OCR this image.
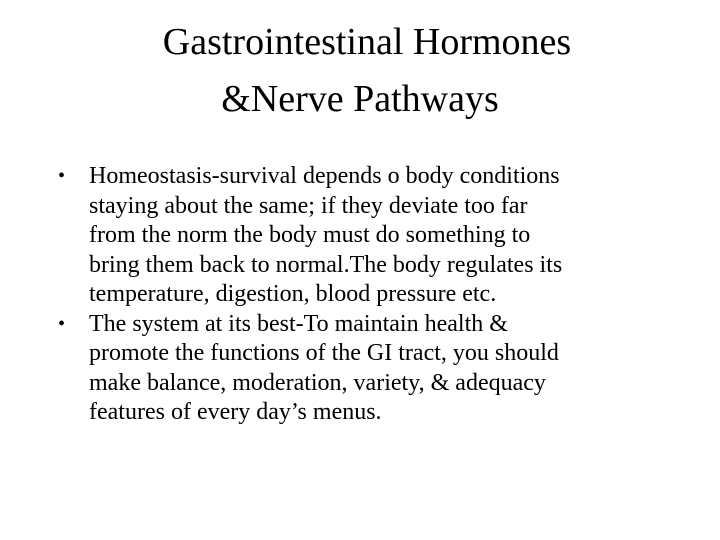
Gastrointestinal Hormones
&Nerve Pathways
• Homeostasis-survival depends o body conditions
staying about the same; if they deviate too far
from the norm the body must do something to
bring them back to normal.The body regulates its
temperature, digestion, blood pressure etc.
• The system at its best-To maintain health &
promote the functions of the GI tract, you should
make balance, moderation, variety, & adequacy
features of every day’s menus.
